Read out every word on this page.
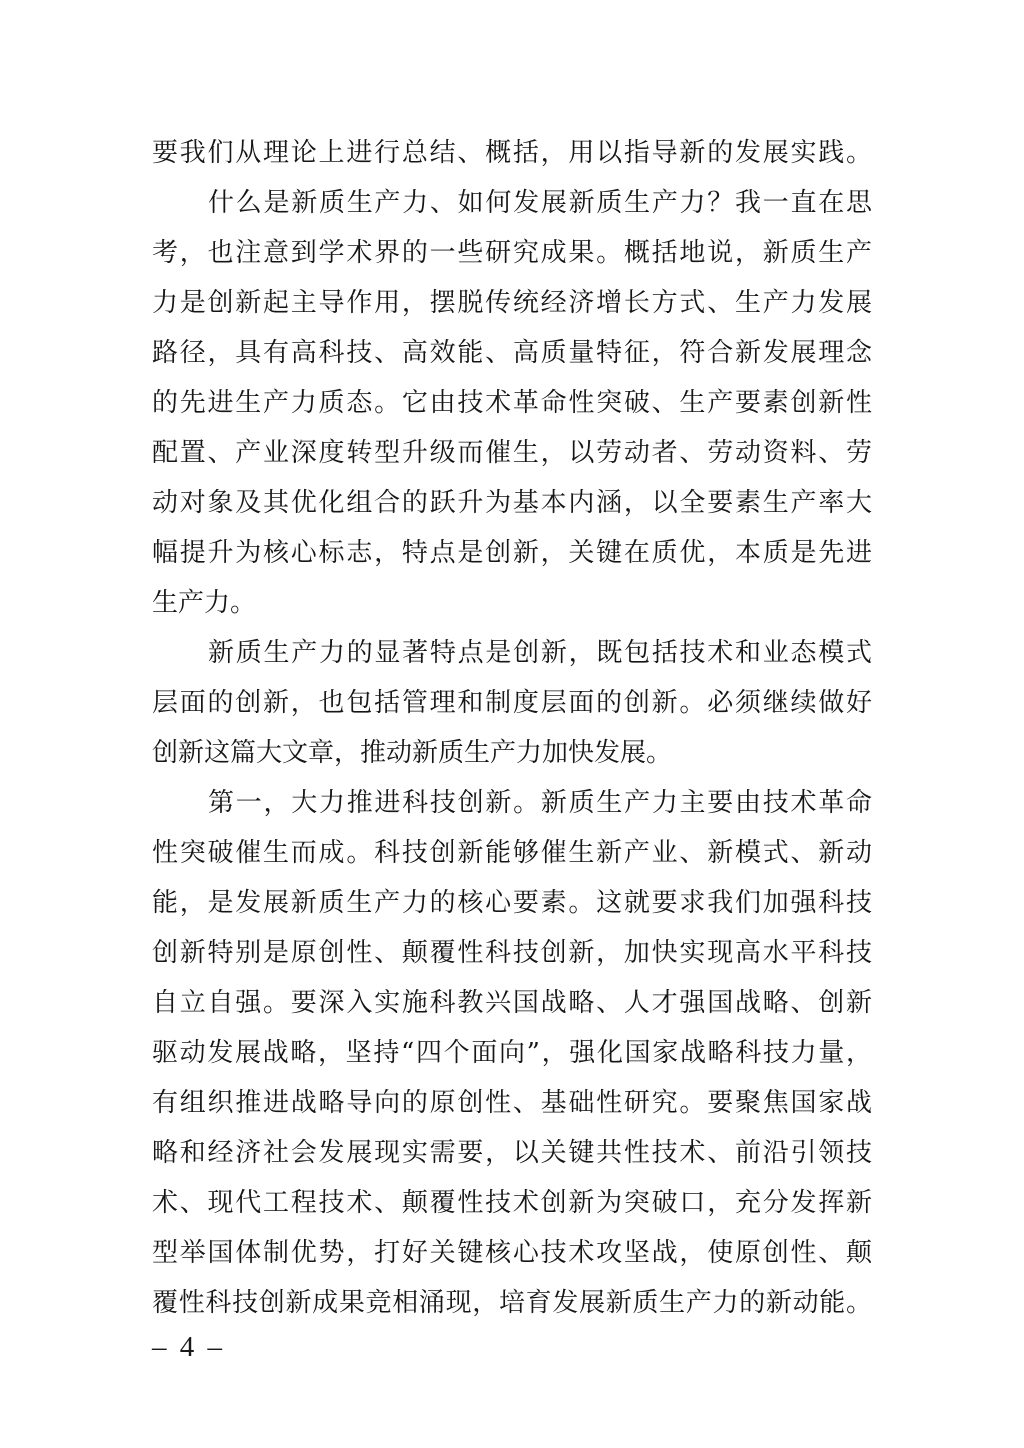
要我们从理论上进行总结、概括，用以指导新的发展实践。
什么是新质生产力、如何发展新质生产力？我一直在思
考，也注意到学术界的一些研究成果。概括地说，新质生产
力是创新起主导作用，摆脱传统经济增长方式、生产力发展
路径，具有高科技、高效能、高质量特征，符合新发展理念
的先进生产力质态。它由技术革命性突破、生产要素创新性
配置、产业深度转型升级而催生，以劳动者、劳动资料、劳
动对象及其优化组合的跃升为基本内涵，以全要素生产率大
幅提升为核心标志，特点是创新，关键在质优，本质是先进
生产力。
新质生产力的显著特点是创新，既包括技术和业态模式
层面的创新，也包括管理和制度层面的创新。必须继续做好
创新这篇大文章，推动新质生产力加快发展。
第一，大力推进科技创新。新质生产力主要由技术革命
性突破催生而成。科技创新能够催生新产业、新模式、新动
能，是发展新质生产力的核心要素。这就要求我们加强科技
创新特别是原创性、颠覆性科技创新，加快实现高水平科技
自立自强。要深入实施科教兴国战略、人才强国战略、创新
驱动发展战略，坚持“四个面向”，强化国家战略科技力量，
有组织推进战略导向的原创性、基础性研究。要聚焦国家战
略和经济社会发展现实需要，以关键共性技术、前沿引领技
术、现代工程技术、颠覆性技术创新为突破口，充分发挥新
型举国体制优势，打好关键核心技术攻坚战，使原创性、颠
覆性科技创新成果竞相涌现，培育发展新质生产力的新动能。
– 4 –
